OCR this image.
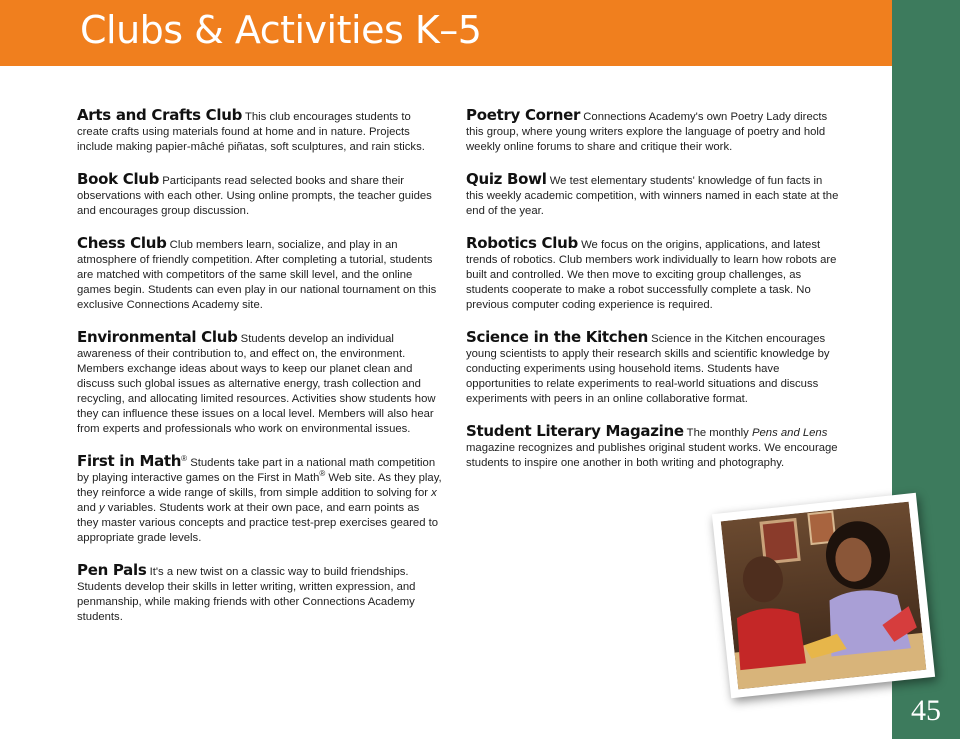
Clubs & Activities K–5
45

Arts and Crafts Club This club encourages students to create crafts using materials found at home and in nature. Projects include making papier-mâché piñatas, soft sculptures, and rain sticks.

Book Club Participants read selected books and share their observations with each other. Using online prompts, the teacher guides and encourages group discussion.

Chess Club Club members learn, socialize, and play in an atmosphere of friendly competition. After completing a tutorial, students are matched with competitors of the same skill level, and the online games begin. Students can even play in our national tournament on this exclusive Connections Academy site.

Environmental Club Students develop an individual awareness of their contribution to, and effect on, the environment. Members exchange ideas about ways to keep our planet clean and discuss such global issues as alternative energy, trash collection and recycling, and allocating limited resources. Activities show students how they can influence these issues on a local level. Members will also hear from experts and professionals who work on environmental issues.

First in Math® Students take part in a national math competition by playing interactive games on the First in Math® Web site. As they play, they reinforce a wide range of skills, from simple addition to solving for x and y variables. Students work at their own pace, and earn points as they master various concepts and practice test-prep exercises geared to appropriate grade levels.

Pen Pals It's a new twist on a classic way to build friendships. Students develop their skills in letter writing, written expression, and penmanship, while making friends with other Connections Academy students.

Poetry Corner Connections Academy's own Poetry Lady directs this group, where young writers explore the language of poetry and hold weekly online forums to share and critique their work.

Quiz Bowl We test elementary students' knowledge of fun facts in this weekly academic competition, with winners named in each state at the end of the year.

Robotics Club We focus on the origins, applications, and latest trends of robotics. Club members work individually to learn how robots are built and controlled. We then move to exciting group challenges, as students cooperate to make a robot successfully complete a task. No previous computer coding experience is required.

Science in the Kitchen Science in the Kitchen encourages young scientists to apply their research skills and scientific knowledge by conducting experiments using household items. Students have opportunities to relate experiments to real-world situations and discuss experiments with peers in an online collaborative format.

Student Literary Magazine The monthly Pens and Lens magazine recognizes and publishes original student works. We encourage students to inspire one another in both writing and photography.
